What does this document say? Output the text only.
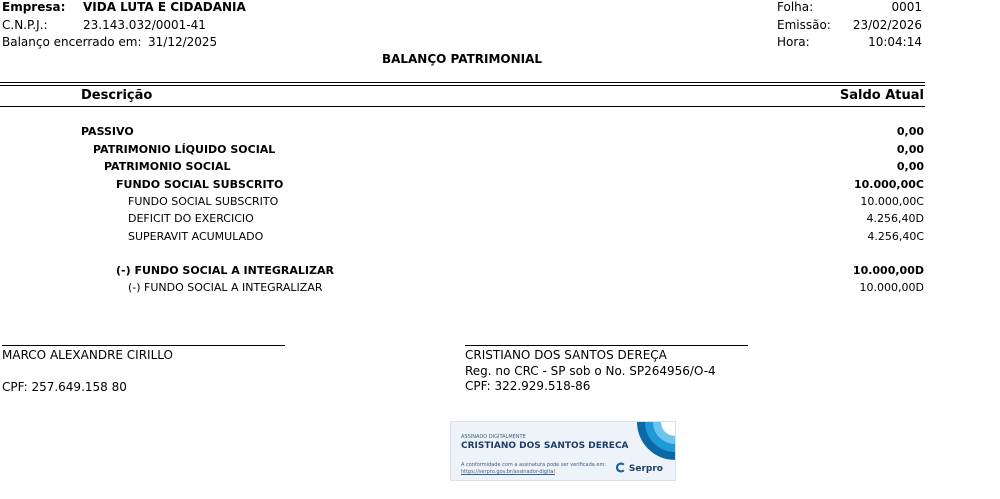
Empresa: VIDA LUTA E CIDADANIA
C.N.P.J.:	23.143.032/0001-41
Balanço encerrado em: 31/12/2025
Folha:	0001
Emissão: 23/02/2026
Hora:	10:04:14
BALANÇO PATRIMONIAL
Descrição	Saldo Atual
PASSIVO	0,00
PATRIMONIO LÍQUIDO SOCIAL	0,00
PATRIMONIO SOCIAL	0,00
FUNDO SOCIAL SUBSCRITO	10.000,00C
FUNDO SOCIAL SUBSCRITO	10.000,00C
DEFICIT DO EXERCICIO	4.256,40D
SUPERAVIT ACUMULADO	4.256,40C
(-) FUNDO SOCIAL A INTEGRALIZAR	10.000,00D
(-) FUNDO SOCIAL A INTEGRALIZAR	10.000,00D
MARCO ALEXANDRE CIRILLO
CPF: 257.649.158 80
CRISTIANO DOS SANTOS DEREÇA
Reg. no CRC - SP sob o No. SP264956/O-4
CPF: 322.929.518-86
ASSINADO DIGITALMENTE
CRISTIANO DOS SANTOS DERECA
A conformidade com a assinatura pode ser verificada em:
https://serpro.gov.br/assinador-digital	Serpro
